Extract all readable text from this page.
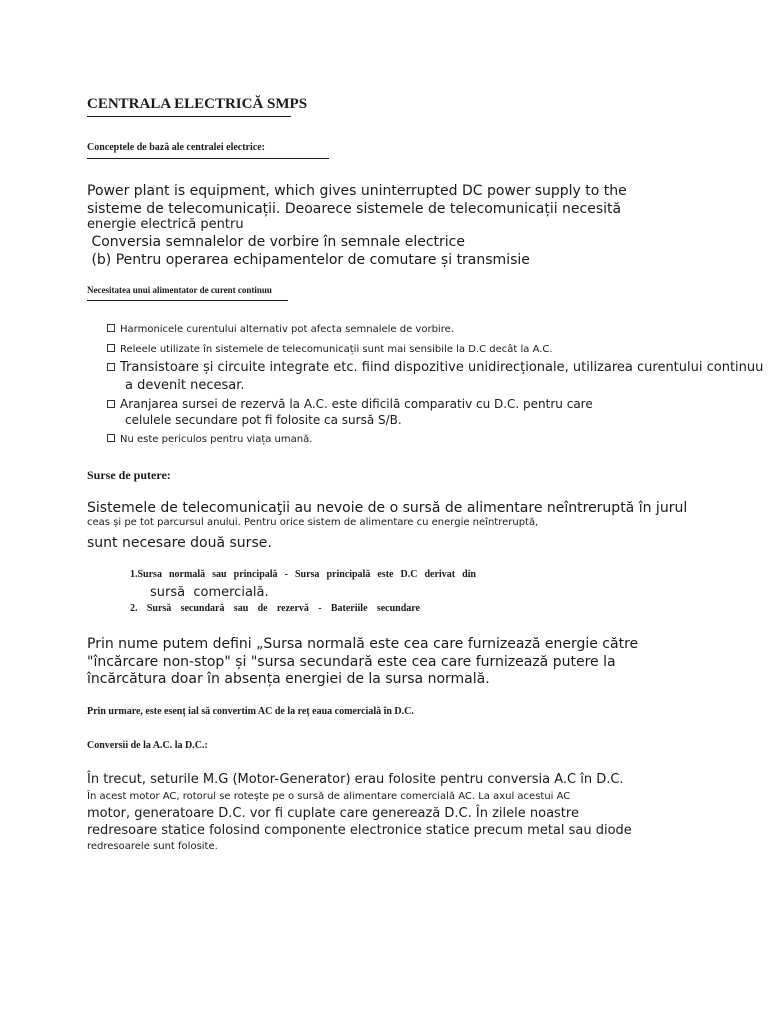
CENTRALA ELECTRICĂ SMPS
Conceptele de bază ale centralei electrice:
Power plant is equipment, which gives uninterrupted DC power supply to the
sisteme de telecomunicații. Deoarece sistemele de telecomunicații necesită
energie electrică pentru
Conversia semnalelor de vorbire în semnale electrice
(b) Pentru operarea echipamentelor de comutare și transmisie
Necesitatea unui alimentator de curent continuu
Harmonicele curentului alternativ pot afecta semnalele de vorbire.
Releele utilizate în sistemele de telecomunicații sunt mai sensibile la D.C decât la A.C.
Transistoare și circuite integrate etc. fiind dispozitive unidirecționale, utilizarea curentului continuu
a devenit necesar.
Aranjarea sursei de rezervă la A.C. este dificilă comparativ cu D.C. pentru care
celulele secundare pot fi folosite ca sursă S/B.
Nu este periculos pentru viața umană.
Surse de putere:
Sistemele de telecomunicaţii au nevoie de o sursă de alimentare neîntreruptă în jurul
ceas și pe tot parcursul anului. Pentru orice sistem de alimentare cu energie neîntreruptă,
sunt necesare două surse.
1.Sursa normală sau principală - Sursa principală este D.C derivat din
sursă  comercială.
2. Sursă secundară sau de rezervă - Bateriile secundare
Prin nume putem defini „Sursa normală este cea care furnizează energie către
"încărcare non-stop" și "sursa secundară este cea care furnizează putere la
încărcătura doar în absența energiei de la sursa normală.
Prin urmare, este esenț ial să convertim AC de la reț eaua comercială în D.C.
Conversii de la A.C. la D.C.:
În trecut, seturile M.G (Motor-Generator) erau folosite pentru conversia A.C în D.C.
În acest motor AC, rotorul se rotește pe o sursă de alimentare comercială AC. La axul acestui AC
motor, generatoare D.C. vor fi cuplate care generează D.C. În zilele noastre
redresoare statice folosind componente electronice statice precum metal sau diode
redresoarele sunt folosite.
